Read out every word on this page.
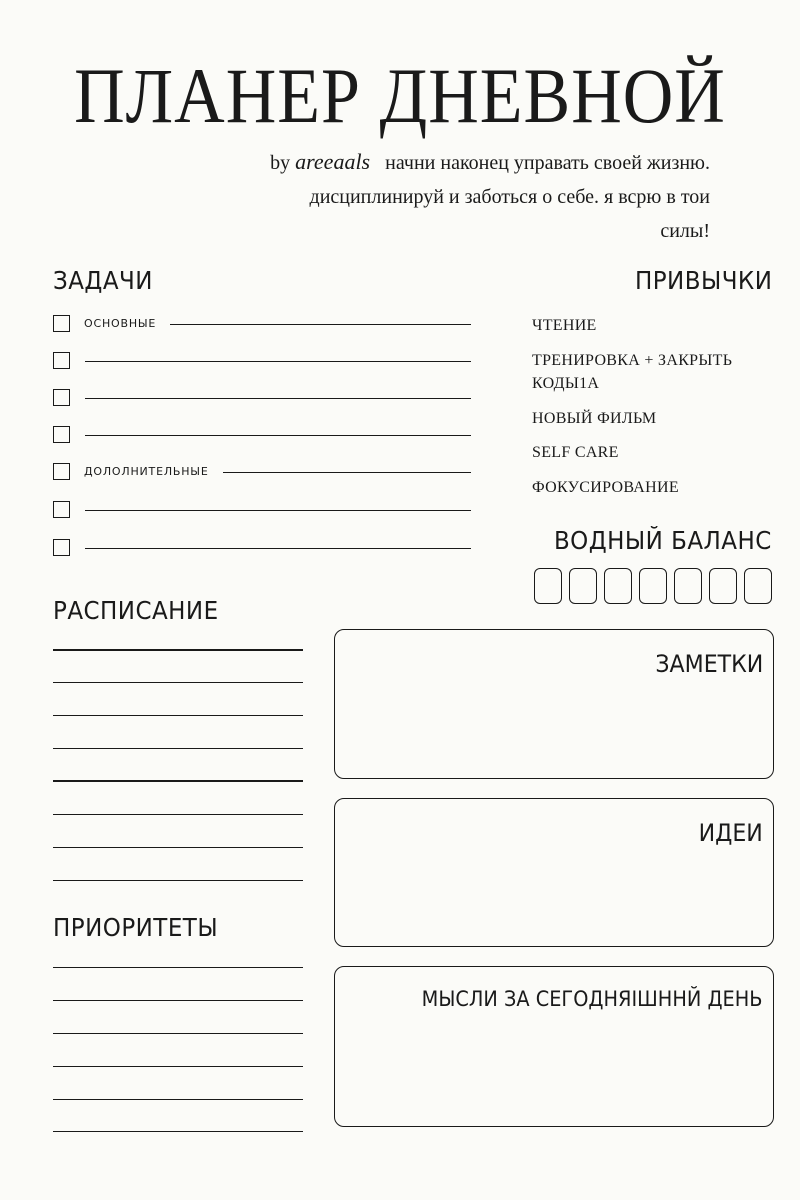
ПЛАНЕР ДНЕВНОЙ
by areeaals начни наконец управать своей жизню.
дисциплинируй и заботься о себе. я всрю в тои
силы!
ЗАДАЧИ
ОСНОВНЫЕ
ДОЛОЛНИТЕЛЬНЫЕ
ПРИВЫЧКИ
ЧТЕНИЕ
ТРЕНИРОВКА + ЗАКРЫТЬ КОДЫ1А
НОВЫЙ ФИЛЬМ
SELF CARE
ФОКУСИРОВАНИЕ
ВОДНЫЙ БАЛАНС
РАСПИСАНИЕ
ПРИОРИТЕТЫ
ЗАМЕТКИ
ИДЕИ
МЫСЛИ ЗА СЕГОДНЯІШННЙ ДЕНЬ
